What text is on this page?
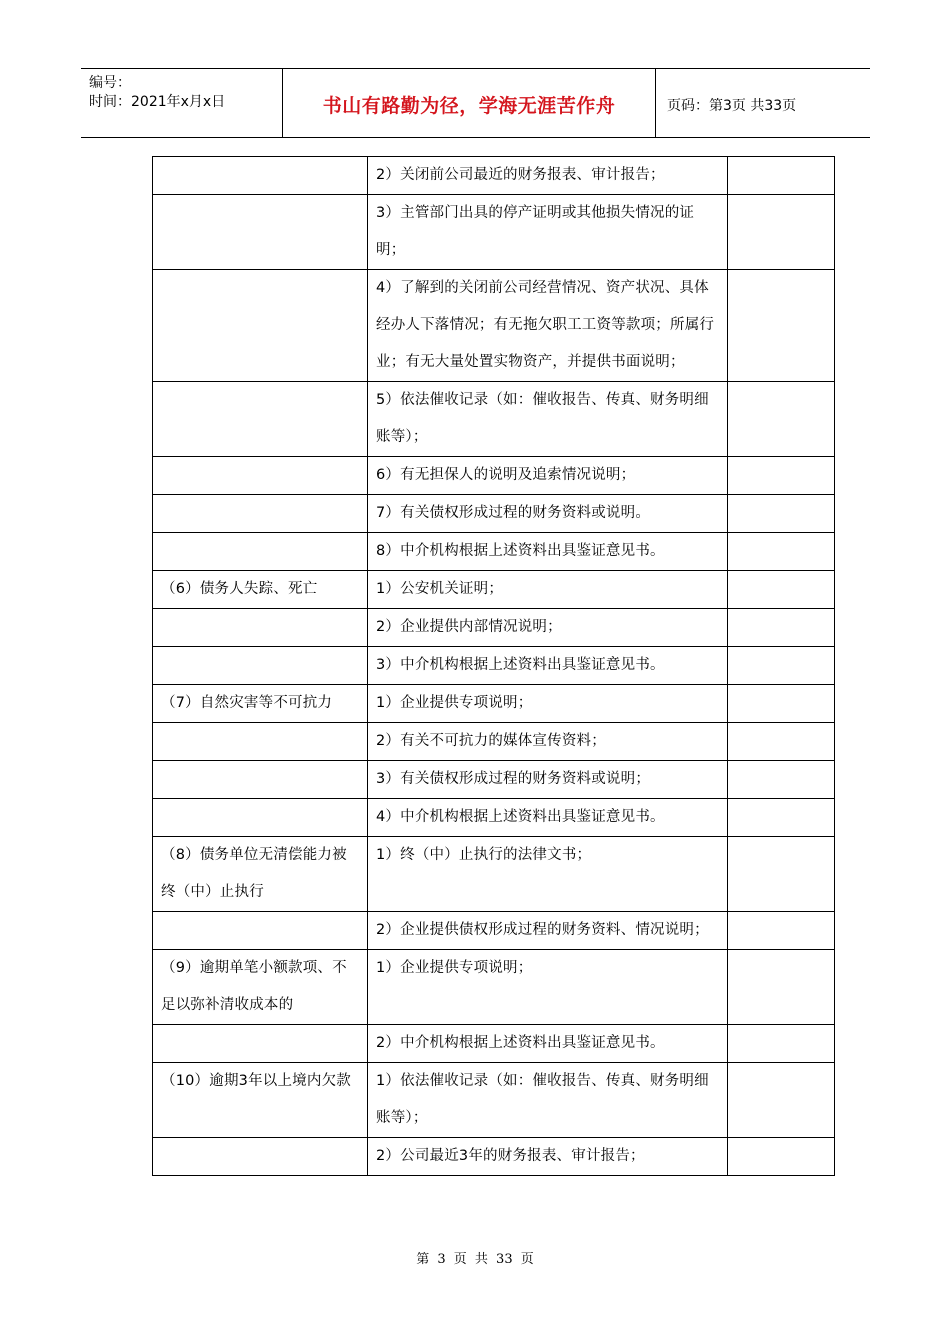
编号：
时间：2021年x月x日	书山有路勤为径，学海无涯苦作舟	页码：第3页 共33页
	2）关闭前公司最近的财务报表、审计报告；	
	3）主管部门出具的停产证明或其他损失情况的证明；	
	4）了解到的关闭前公司经营情况、资产状况、具体经办人下落情况；有无拖欠职工工资等款项；所属行业；有无大量处置实物资产，并提供书面说明；	
	5）依法催收记录（如：催收报告、传真、财务明细账等）；	
	6）有无担保人的说明及追索情况说明；	
	7）有关债权形成过程的财务资料或说明。	
	8）中介机构根据上述资料出具鉴证意见书。	
（6）债务人失踪、死亡	1）公安机关证明；	
	2）企业提供内部情况说明；	
	3）中介机构根据上述资料出具鉴证意见书。	
（7）自然灾害等不可抗力	1）企业提供专项说明；	
	2）有关不可抗力的媒体宣传资料；	
	3）有关债权形成过程的财务资料或说明；	
	4）中介机构根据上述资料出具鉴证意见书。	
（8）债务单位无清偿能力被终（中）止执行	1）终（中）止执行的法律文书；	
	2）企业提供债权形成过程的财务资料、情况说明；	
（9）逾期单笔小额款项、不足以弥补清收成本的	1）企业提供专项说明；	
	2）中介机构根据上述资料出具鉴证意见书。	
（10）逾期3年以上境内欠款	1）依法催收记录（如：催收报告、传真、财务明细账等）；	
	2）公司最近3年的财务报表、审计报告；	
第 3 页 共 33 页
